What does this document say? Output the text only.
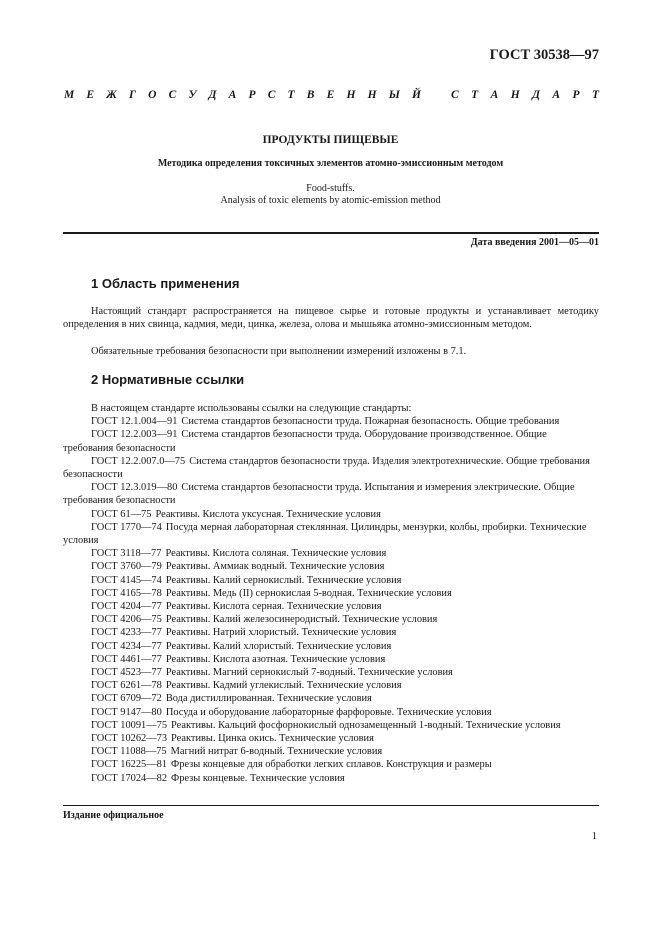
ГОСТ 30538—97
М Е Ж Г О С У Д А Р С Т В Е Н Н Ы Й	С Т А Н Д А Р Т
ПРОДУКТЫ ПИЩЕВЫЕ
Методика определения токсичных элементов атомно-эмиссионным методом
Food-stuffs.
Analysis of toxic elements by atomic-emission method
Дата введения 2001—05—01
1 Область применения
Настоящий стандарт распространяется на пищевое сырье и готовые продукты и устанавливает методику определения в них свинца, кадмия, меди, цинка, железа, олова и мышьяка атомно-эмиссионным методом.
Обязательные требования безопасности при выполнении измерений изложены в 7.1.
2 Нормативные ссылки
В настоящем стандарте использованы ссылки на следующие стандарты:
ГОСТ 12.1.004—91 Система стандартов безопасности труда. Пожарная безопасность. Общие требования
ГОСТ 12.2.003—91 Система стандартов безопасности труда. Оборудование производственное. Общие требования безопасности
ГОСТ 12.2.007.0—75 Система стандартов безопасности труда. Изделия электротехнические. Общие требования безопасности
ГОСТ 12.3.019—80 Система стандартов безопасности труда. Испытания и измерения электрические. Общие требования безопасности
ГОСТ 61—75 Реактивы. Кислота уксусная. Технические условия
ГОСТ 1770—74 Посуда мерная лабораторная стеклянная. Цилиндры, мензурки, колбы, пробирки. Технические условия
ГОСТ 3118—77 Реактивы. Кислота соляная. Технические условия
ГОСТ 3760—79 Реактивы. Аммиак водный. Технические условия
ГОСТ 4145—74 Реактивы. Калий сернокислый. Технические условия
ГОСТ 4165—78 Реактивы. Медь (II) сернокислая 5-водная. Технические условия
ГОСТ 4204—77 Реактивы. Кислота серная. Технические условия
ГОСТ 4206—75 Реактивы. Калий железосинеродистый. Технические условия
ГОСТ 4233—77 Реактивы. Натрий хлористый. Технические условия
ГОСТ 4234—77 Реактивы. Калий хлористый. Технические условия
ГОСТ 4461—77 Реактивы. Кислота азотная. Технические условия
ГОСТ 4523—77 Реактивы. Магний сернокислый 7-водный. Технические условия
ГОСТ 6261—78 Реактивы. Кадмий углекислый. Технические условия
ГОСТ 6709—72 Вода дистиллированная. Технические условия
ГОСТ 9147—80 Посуда и оборудование лабораторные фарфоровые. Технические условия
ГОСТ 10091—75 Реактивы. Кальций фосфорнокислый однозамещенный 1-водный. Технические условия
ГОСТ 10262—73 Реактивы. Цинка окись. Технические условия
ГОСТ 11088—75 Магний нитрат 6-водный. Технические условия
ГОСТ 16225—81 Фрезы концевые для обработки легких сплавов. Конструкция и размеры
ГОСТ 17024—82 Фрезы концевые. Технические условия
Издание официальное
1
